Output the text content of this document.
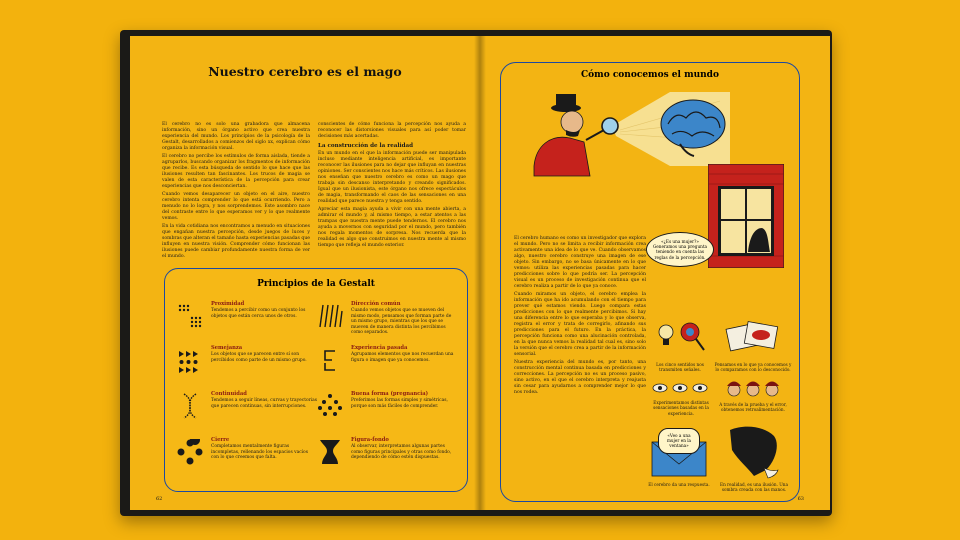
Nuestro cerebro es el mago

El cerebro no es solo una grabadora que almacena información, sino un órgano activo que crea nuestra experiencia del mundo. Los principios de la psicología de la Gestalt, desarrollados a comienzos del siglo xx, explican cómo organiza la información visual.

El cerebro no percibe los estímulos de forma aislada, tiende a agruparlos, buscando organizar los fragmentos de información que recibe. Es esta búsqueda de sentido lo que hace que las ilusiones resulten tan fascinantes. Los trucos de magia se valen de esta característica de la percepción para crear experiencias que nos desconciertan.

Cuando vemos desaparecer un objeto en el aire, nuestro cerebro intenta comprender lo que está ocurriendo. Pero a menudo no lo logra, y nos sorprendemos. Este asombro nace del contraste entre lo que esperamos ver y lo que realmente vemos.

En la vida cotidiana nos encontramos a menudo en situaciones que engañan nuestra percepción, desde juegos de luces y sombras que alteran el tamaño hasta experiencias pasadas que influyen en nuestra visión. Comprender cómo funcionan las ilusiones puede cambiar profundamente nuestra forma de ver el mundo.

conscientes de cómo funciona la percepción nos ayuda a reconocer las distorsiones visuales para así poder tomar decisiones más acertadas.

La construcción de la realidad

En un mundo en el que la información puede ser manipulada incluso mediante inteligencia artificial, es importante reconocer las ilusiones para no dejar que influyan en nuestras opiniones. Ser conscientes nos hace más críticos. Las ilusiones nos enseñan que nuestro cerebro es como un mago que trabaja sin descanso interpretando y creando significados. Igual que un ilusionista, este órgano nos ofrece espectáculos de magia, transformando el caos de las sensaciones en una realidad que parece nuestra y tenga sentido.

Apreciar esta magia ayuda a vivir con una mente abierta, a admirar el mundo y, al mismo tiempo, a estar atentos a las trampas que nuestra mente puede tendernos. El cerebro nos ayuda a movernos con seguridad por el mundo, pero también nos regala momentos de sorpresa. Nos recuerda que la realidad es algo que construimos en nuestra mente al mismo tiempo que refleja el mundo exterior.

Principios de la Gestalt
Proximidad
Tendemos a percibir como un conjunto los objetos que están cerca unos de otros.
Dirección común
Cuando vemos objetos que se mueven del mismo modo, pensamos que forman parte de un mismo grupo, mientras que los que se mueven de manera distinta los percibimos como separados.
Semejanza
Los objetos que se parecen entre sí son percibidos como parte de un mismo grupo.
Experiencia pasada
Agrupamos elementos que nos recuerdan una figura o imagen que ya conocemos.
Continuidad
Tendemos a seguir líneas, curvas y trayectorias que parecen continuas, sin interrupciones.
Buena forma (pregnancia)
Preferimos las formas simples y simétricas, porque son más fáciles de comprender.
Cierre
Completamos mentalmente figuras incompletas, rellenando los espacios vacíos con lo que creemos que falta.
Figura-fondo
Al observar, interpretamos algunas partes como figuras principales y otras como fondo, dependiendo de cómo estén dispuestas.
62
Cómo conocemos el mundo
«¿Es una mujer?» Generamos una pregunta teniendo en cuenta las reglas de la percepción.

El cerebro humano es como un investigador que explora el mundo. Pero no se limita a recibir información crea activamente una idea de lo que ve. Cuando observamos algo, nuestro cerebro construye una imagen de ese objeto. Sin embargo, no se basa únicamente en lo que vemos: utiliza las experiencias pasadas para hacer predicciones sobre lo que podría ser. La percepción visual es un proceso de investigación continua que el cerebro realiza a partir de lo que ya conoce.

Cuando miramos un objeto, el cerebro emplea la información que ha ido acumulando con el tiempo para prever qué estamos viendo. Luego compara estas predicciones con lo que realmente percibimos. Si hay una diferencia entre lo que esperaba y lo que observa, registra el error y trata de corregirlo, afinando sus predicciones para el futuro. En la práctica, la percepción funciona como una alucinación controlada, en la que nunca vemos la realidad tal cual es, sino solo la versión que el cerebro crea a partir de la información sensorial.

Nuestra experiencia del mundo es, por tanto, una construcción mental continua basada en predicciones y correcciones. La percepción no es un proceso pasivo, sino activo, en el que el cerebro interpreta y reajusta sin cesar para ayudarnos a comprender mejor lo que nos rodea.

Los cinco sentidos nos transmiten señales.
Pensamos en lo que ya conocemos y lo comparamos con lo desconocido.
Experimentamos distintas sensaciones basadas en la experiencia.
A través de la prueba y el error, obtenemos retroalimentación.
«Veo a una mujer en la ventana»
El cerebro da una respuesta.	En realidad, es una ilusión. Una sombra creada con las manos.
63
